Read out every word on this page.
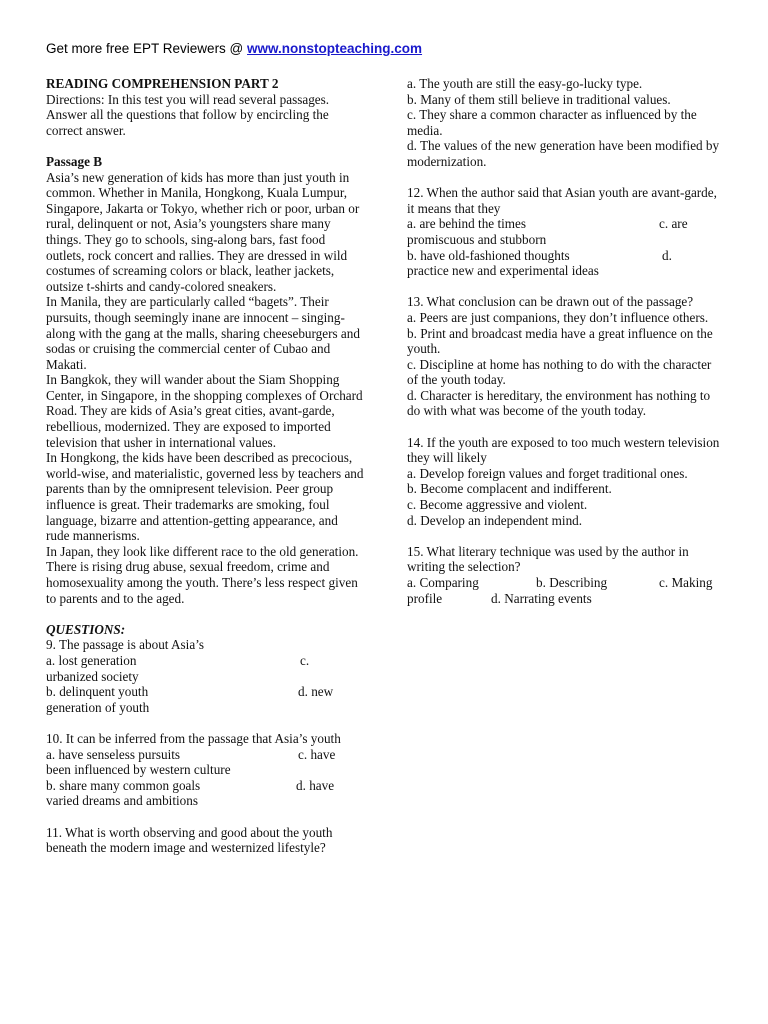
Get more free EPT Reviewers @ www.nonstopteaching.com

READING COMPREHENSION PART 2

Directions: In this test you will read several passages. Answer all the questions that follow by encircling the correct answer.

Passage B

Asia’s new generation of kids has more than just youth in common. Whether in Manila, Hongkong, Kuala Lumpur, Singapore, Jakarta or Tokyo, whether rich or poor, urban or rural, delinquent or not, Asia’s youngsters share many things. They go to schools, sing-along bars, fast food outlets, rock concert and rallies. They are dressed in wild costumes of screaming colors or black, leather jackets, outsize t-shirts and candy-colored sneakers.

In Manila, they are particularly called “bagets”. Their pursuits, though seemingly inane are innocent – singing-along with the gang at the malls, sharing cheeseburgers and sodas or cruising the commercial center of Cubao and Makati.

In Bangkok, they will wander about the Siam Shopping Center, in Singapore, in the shopping complexes of Orchard Road. They are kids of Asia’s great cities, avant-garde, rebellious, modernized. They are exposed to imported television that usher in international values.

In Hongkong, the kids have been described as precocious, world-wise, and materialistic, governed less by teachers and parents than by the omnipresent television. Peer group influence is great. Their trademarks are smoking, foul language, bizarre and attention-getting appearance, and rude mannerisms.

In Japan, they look like different race to the old generation. There is rising drug abuse, sexual freedom, crime and homosexuality among the youth. There’s less respect given to parents and to the aged.

QUESTIONS:

9. The passage is about Asia’s

a. lost generation	c.

urbanized society

b. delinquent youth	d. new

generation of youth

10. It can be inferred from the passage that Asia’s youth

a. have senseless pursuits	c. have

been influenced by western culture

b. share many common goals	d. have

varied dreams and ambitions

11. What is worth observing and good about the youth beneath the modern image and westernized lifestyle?

a. The youth are still the easy-go-lucky type.

b. Many of them still believe in traditional values.

c. They share a common character as influenced by the media.

d. The values of the new generation have been modified by modernization.

12. When the author said that Asian youth are avant-garde, it means that they

a. are behind the times	c. are

promiscuous and stubborn

b. have old-fashioned thoughts	d.

practice new and experimental ideas

13. What conclusion can be drawn out of the passage?

a. Peers are just companions, they don’t influence others.

b. Print and broadcast media have a great influence on the youth.

c. Discipline at home has nothing to do with the character of the youth today.

d. Character is hereditary, the environment has nothing to do with what was become of the youth today.

14. If the youth are exposed to too much western television they will likely

a. Develop foreign values and forget traditional ones.

b. Become complacent and indifferent.

c. Become aggressive and violent.

d. Develop an independent mind.

15. What literary technique was used by the author in writing the selection?

a. Comparing	b. Describing	c. Making
profile	d. Narrating events
